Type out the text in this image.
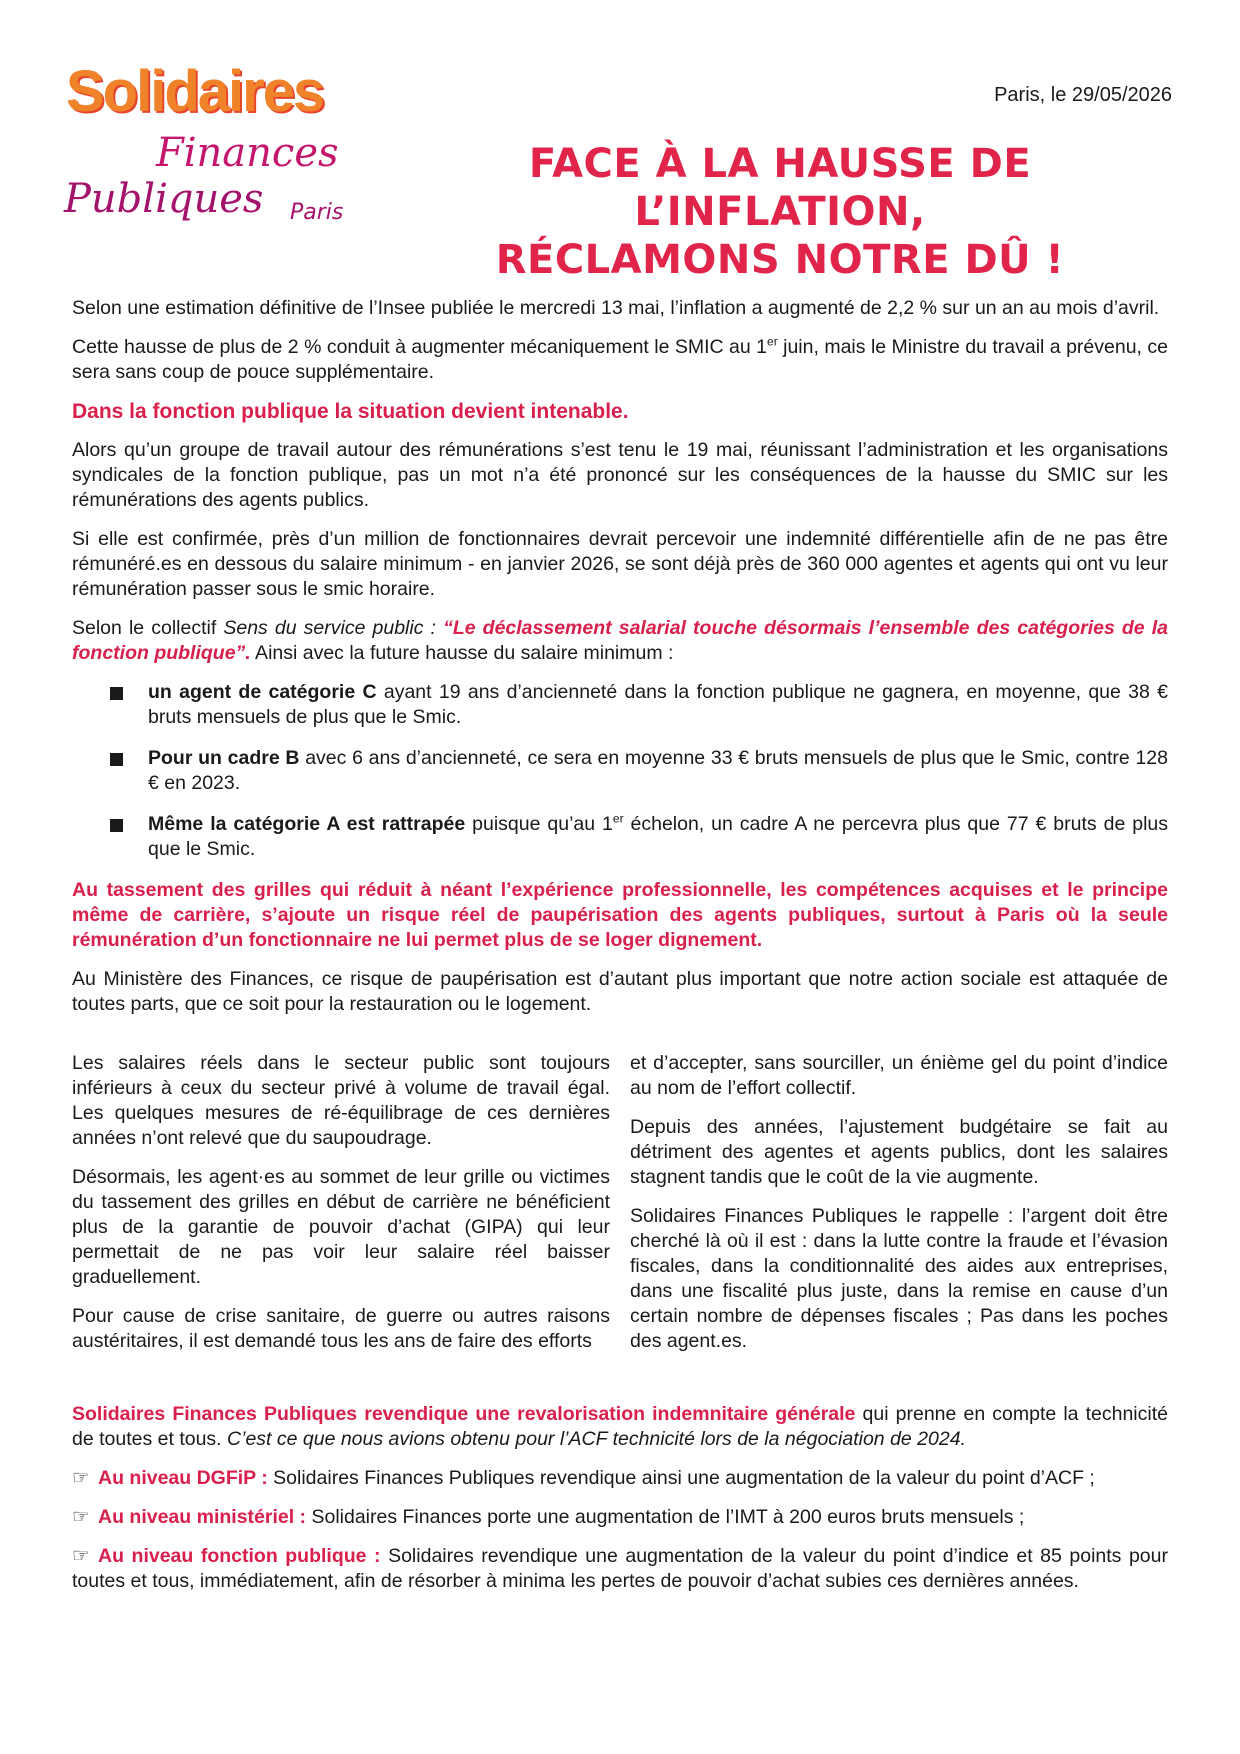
Solidaires
Finances
Publiques Paris
Paris, le 29/05/2026
FACE À LA HAUSSE DE L’INFLATION,
RÉCLAMONS NOTRE DÛ !

Selon une estimation définitive de l’Insee publiée le mercredi 13 mai, l’inflation a augmenté de 2,2 % sur un an au mois d’avril.

Cette hausse de plus de 2 % conduit à augmenter mécaniquement le SMIC au 1er juin, mais le Ministre du travail a prévenu, ce sera sans coup de pouce supplémentaire.

Dans la fonction publique la situation devient intenable.

Alors qu’un groupe de travail autour des rémunérations s’est tenu le 19 mai, réunissant l’administration et les organisations syndicales de la fonction publique, pas un mot n’a été prononcé sur les conséquences de la hausse du SMIC sur les rémunérations des agents publics.

Si elle est confirmée, près d’un million de fonctionnaires devrait percevoir une indemnité différentielle afin de ne pas être rémunéré.es en dessous du salaire minimum - en janvier 2026, se sont déjà près de 360 000 agentes et agents qui ont vu leur rémunération passer sous le smic horaire.

Selon le collectif Sens du service public : “Le déclassement salarial touche désormais l’ensemble des catégories de la fonction publique”. Ainsi avec la future hausse du salaire minimum :

un agent de catégorie C ayant 19 ans d’ancienneté dans la fonction publique ne gagnera, en moyenne, que 38 € bruts mensuels de plus que le Smic.
Pour un cadre B avec 6 ans d’ancienneté, ce sera en moyenne 33 € bruts mensuels de plus que le Smic, contre 128 € en 2023.
Même la catégorie A est rattrapée puisque qu’au 1er échelon, un cadre A ne percevra plus que 77 € bruts de plus que le Smic.

Au tassement des grilles qui réduit à néant l’expérience professionnelle, les compétences acquises et le principe même de carrière, s’ajoute un risque réel de paupérisation des agents publiques, surtout à Paris où la seule rémunération d’un fonctionnaire ne lui permet plus de se loger dignement.

Au Ministère des Finances, ce risque de paupérisation est d’autant plus important que notre action sociale est attaquée de toutes parts, que ce soit pour la restauration ou le logement.

Les salaires réels dans le secteur public sont toujours inférieurs à ceux du secteur privé à volume de travail égal. Les quelques mesures de ré-équilibrage de ces dernières années n’ont relevé que du saupoudrage.

Désormais, les agent·es au sommet de leur grille ou victimes du tassement des grilles en début de carrière ne bénéficient plus de la garantie de pouvoir d’achat (GIPA) qui leur permettait de ne pas voir leur salaire réel baisser graduellement.

Pour cause de crise sanitaire, de guerre ou autres raisons austéritaires, il est demandé tous les ans de faire des efforts

et d’accepter, sans sourciller, un énième gel du point d’indice au nom de l’effort collectif.

Depuis des années, l’ajustement budgétaire se fait au détriment des agentes et agents publics, dont les salaires stagnent tandis que le coût de la vie augmente.

Solidaires Finances Publiques le rappelle : l’argent doit être cherché là où il est : dans la lutte contre la fraude et l’évasion fiscales, dans la conditionnalité des aides aux entreprises, dans une fiscalité plus juste, dans la remise en cause d’un certain nombre de dépenses fiscales ; Pas dans les poches des agent.es.

Solidaires Finances Publiques revendique une revalorisation indemnitaire générale qui prenne en compte la technicité de toutes et tous. C’est ce que nous avions obtenu pour l’ACF technicité lors de la négociation de 2024.

☞ Au niveau DGFiP : Solidaires Finances Publiques revendique ainsi une augmentation de la valeur du point d’ACF ;

☞ Au niveau ministériel : Solidaires Finances porte une augmentation de l’IMT à 200 euros bruts mensuels ;

☞ Au niveau fonction publique : Solidaires revendique une augmentation de la valeur du point d’indice et 85 points pour toutes et tous, immédiatement, afin de résorber à minima les pertes de pouvoir d’achat subies ces dernières années.
